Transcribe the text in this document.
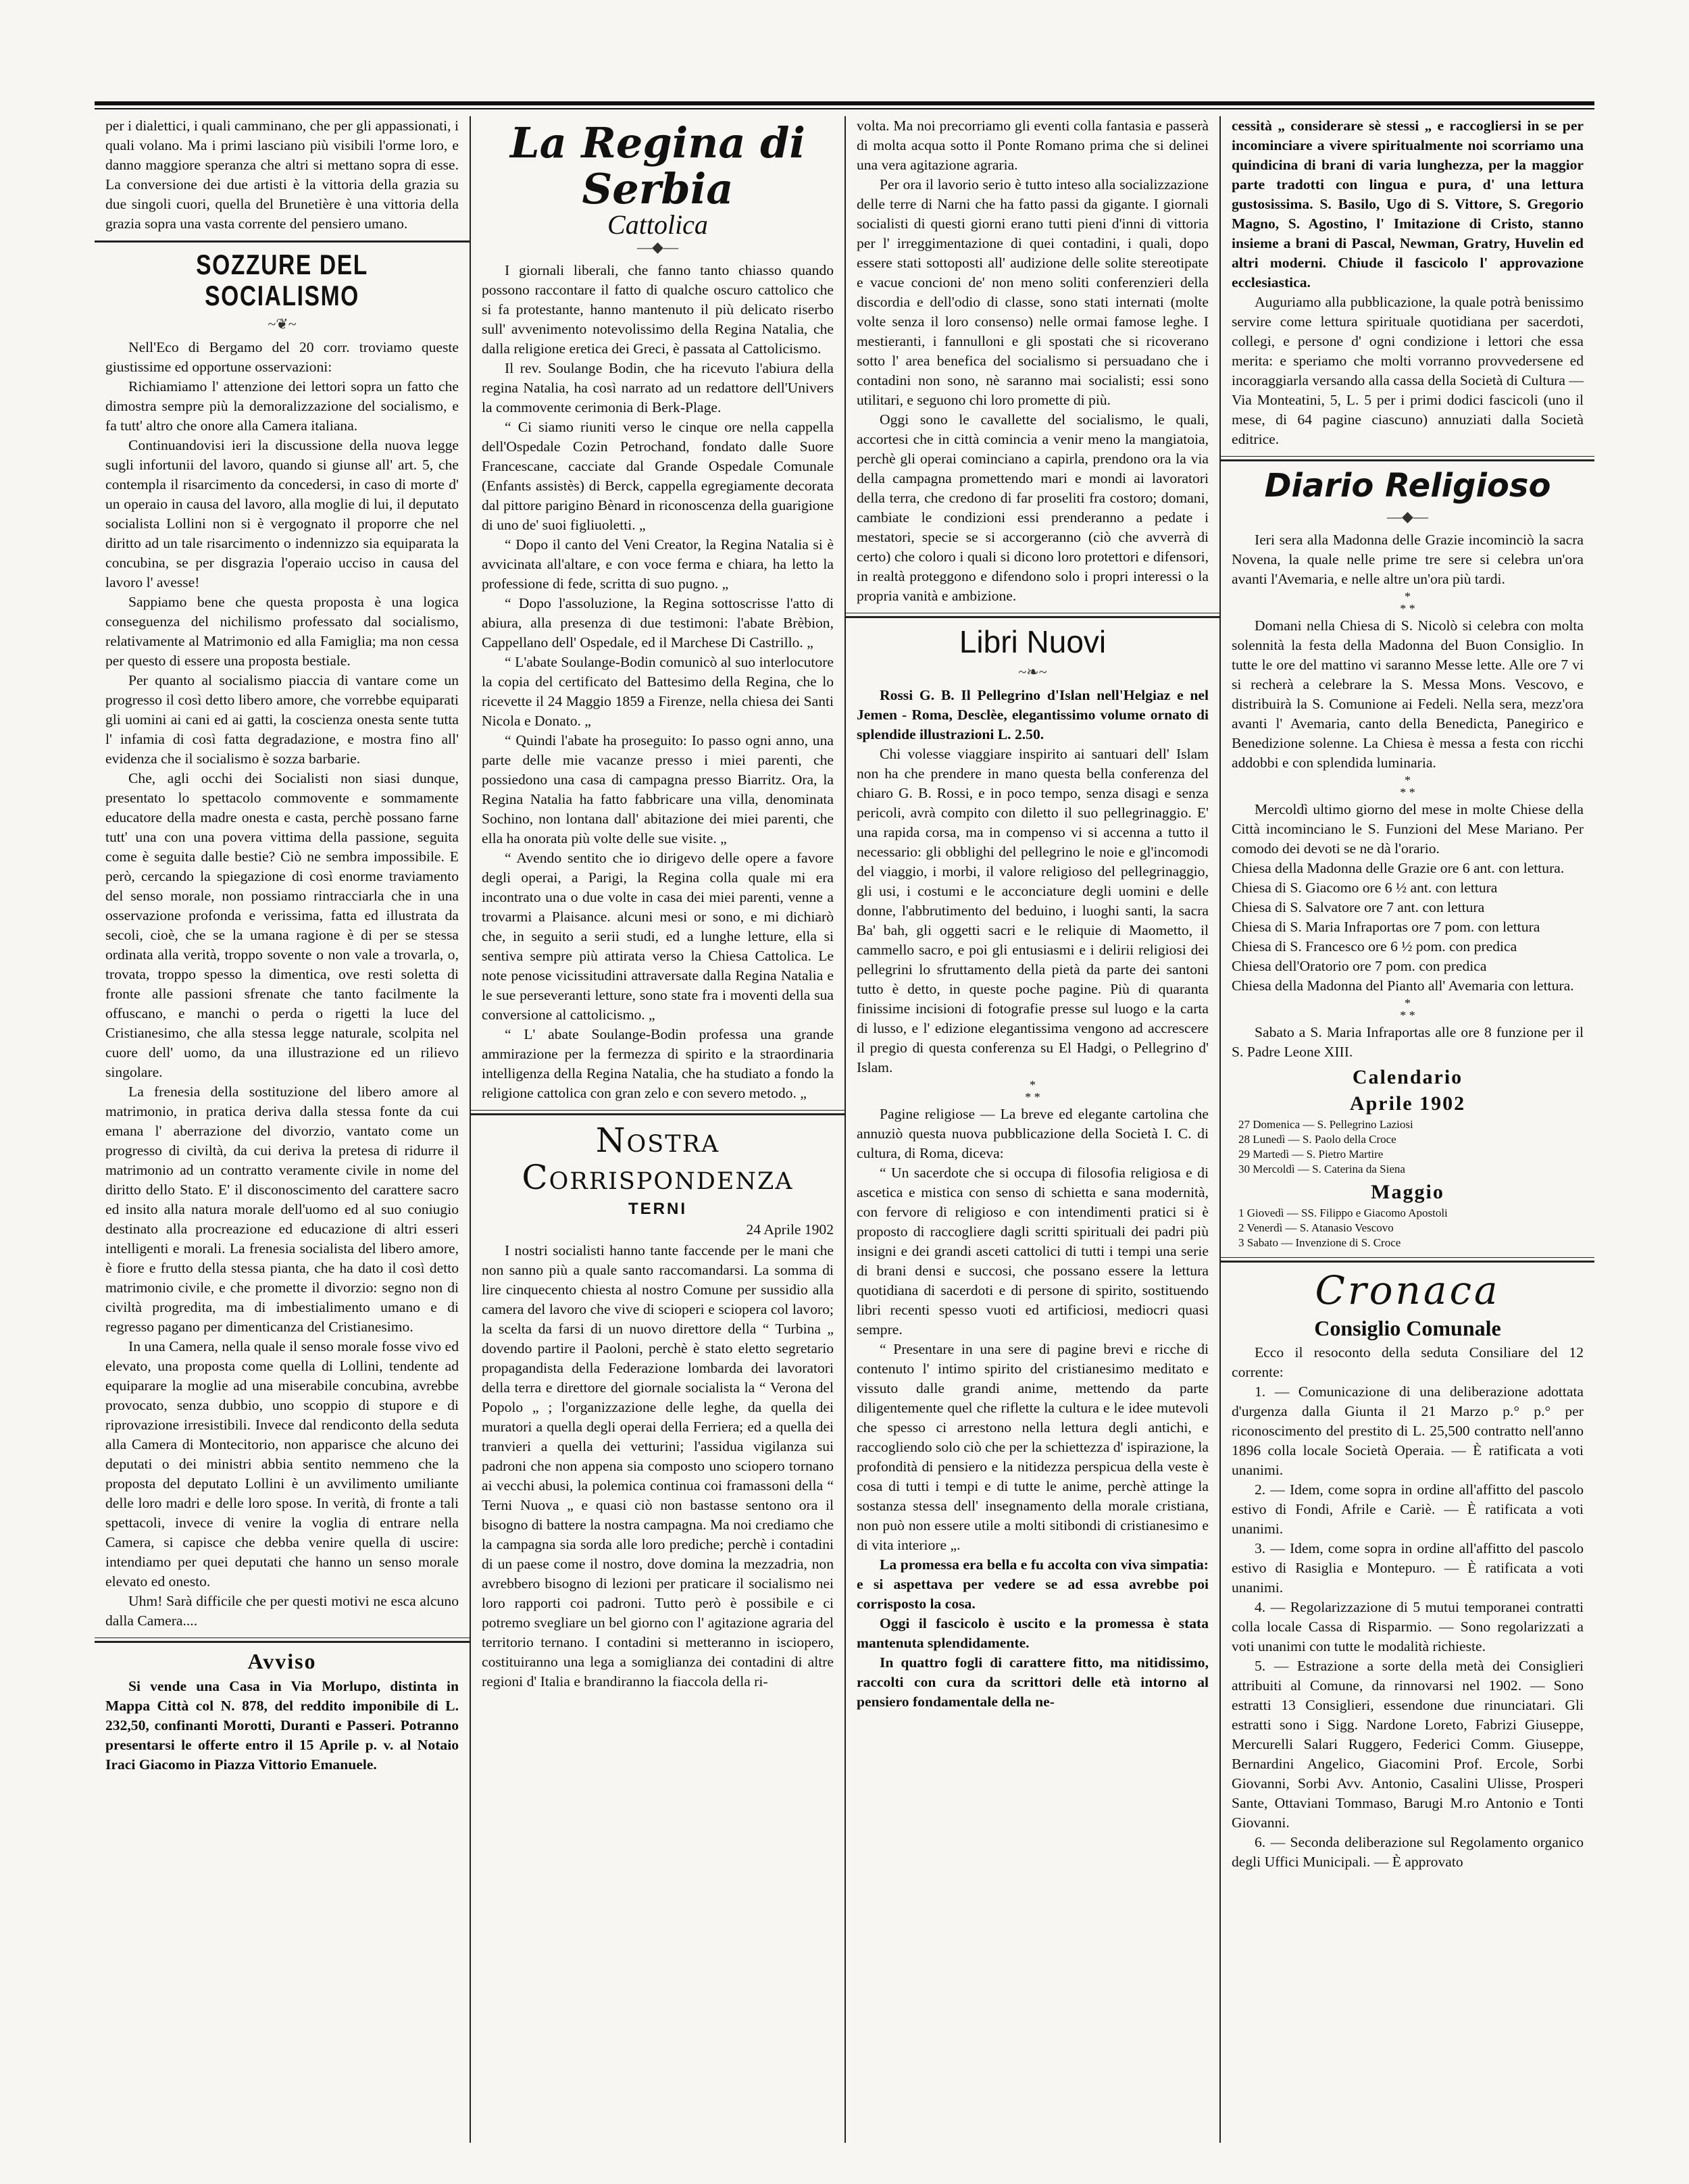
per i dialettici, i quali camminano, che per gli appassionati, i quali volano. Ma i primi lasciano più visibili l'orme loro, e danno maggiore speranza che altri si mettano sopra di esse. La conversione dei due artisti è la vittoria della grazia su due singoli cuori, quella del Brunetière è una vittoria della grazia sopra una vasta corrente del pensiero umano.

SOZZURE DEL SOCIALISMO
~❦~

Nell'Eco di Bergamo del 20 corr. troviamo queste giustissime ed opportune osservazioni:

Richiamiamo l' attenzione dei lettori sopra un fatto che dimostra sempre più la demoralizzazione del socialismo, e fa tutt' altro che onore alla Camera italiana.

Continuandovisi ieri la discussione della nuova legge sugli infortunii del lavoro, quando si giunse all' art. 5, che contempla il risarcimento da concedersi, in caso di morte d' un operaio in causa del lavoro, alla moglie di lui, il deputato socialista Lollini non si è vergognato il proporre che nel diritto ad un tale risarcimento o indennizzo sia equiparata la concubina, se per disgrazia l'operaio ucciso in causa del lavoro l' avesse!

Sappiamo bene che questa proposta è una logica conseguenza del nichilismo professato dal socialismo, relativamente al Matrimonio ed alla Famiglia; ma non cessa per questo di essere una proposta bestiale.

Per quanto al socialismo piaccia di vantare come un progresso il così detto libero amore, che vorrebbe equiparati gli uomini ai cani ed ai gatti, la coscienza onesta sente tutta l' infamia di così fatta degradazione, e mostra fino all' evidenza che il socialismo è sozza barbarie.

Che, agli occhi dei Socialisti non siasi dunque, presentato lo spettacolo commovente e sommamente educatore della madre onesta e casta, perchè possano farne tutt' una con una povera vittima della passione, seguita come è seguita dalle bestie? Ciò ne sembra impossibile. E però, cercando la spiegazione di così enorme traviamento del senso morale, non possiamo rintracciarla che in una osservazione profonda e verissima, fatta ed illustrata da secoli, cioè, che se la umana ragione è di per se stessa ordinata alla verità, troppo sovente o non vale a trovarla, o, trovata, troppo spesso la dimentica, ove resti soletta di fronte alle passioni sfrenate che tanto facilmente la offuscano, e manchi o perda o rigetti la luce del Cristianesimo, che alla stessa legge naturale, scolpita nel cuore dell' uomo, da una illustrazione ed un rilievo singolare.

La frenesia della sostituzione del libero amore al matrimonio, in pratica deriva dalla stessa fonte da cui emana l' aberrazione del divorzio, vantato come un progresso di civiltà, da cui deriva la pretesa di ridurre il matrimonio ad un contratto veramente civile in nome del diritto dello Stato. E' il disconoscimento del carattere sacro ed insito alla natura morale dell'uomo ed al suo coniugio destinato alla procreazione ed educazione di altri esseri intelligenti e morali. La frenesia socialista del libero amore, è fiore e frutto della stessa pianta, che ha dato il così detto matrimonio civile, e che promette il divorzio: segno non di civiltà progredita, ma di imbestialimento umano e di regresso pagano per dimenticanza del Cristianesimo.

In una Camera, nella quale il senso morale fosse vivo ed elevato, una proposta come quella di Lollini, tendente ad equiparare la moglie ad una miserabile concubina, avrebbe provocato, senza dubbio, uno scoppio di stupore e di riprovazione irresistibili. Invece dal rendiconto della seduta alla Camera di Montecitorio, non apparisce che alcuno dei deputati o dei ministri abbia sentito nemmeno che la proposta del deputato Lollini è un avvilimento umiliante delle loro madri e delle loro spose. In verità, di fronte a tali spettacoli, invece di venire la voglia di entrare nella Camera, si capisce che debba venire quella di uscire: intendiamo per quei deputati che hanno un senso morale elevato ed onesto.

Uhm! Sarà difficile che per questi motivi ne esca alcuno dalla Camera....

Avviso

Si vende una Casa in Via Morlupo, distinta in Mappa Città col N. 878, del reddito imponibile di L. 232,50, confinanti Morotti, Duranti e Passeri. Potranno presentarsi le offerte entro il 15 Aprile p. v. al Notaio Iraci Giacomo in Piazza Vittorio Emanuele.

La Regina di Serbia
Cattolica
—◆—

I giornali liberali, che fanno tanto chiasso quando possono raccontare il fatto di qualche oscuro cattolico che si fa protestante, hanno mantenuto il più delicato riserbo sull' avvenimento notevolissimo della Regina Natalia, che dalla religione eretica dei Greci, è passata al Cattolicismo.

Il rev. Soulange Bodin, che ha ricevuto l'abiura della regina Natalia, ha così narrato ad un redattore dell'Univers la commovente cerimonia di Berk-Plage.

“ Ci siamo riuniti verso le cinque ore nella cappella dell'Ospedale Cozin Petrochand, fondato dalle Suore Francescane, cacciate dal Grande Ospedale Comunale (Enfants assistès) di Berck, cappella egregiamente decorata dal pittore parigino Bènard in riconoscenza della guarigione di uno de' suoi figliuoletti. „

“ Dopo il canto del Veni Creator, la Regina Natalia si è avvicinata all'altare, e con voce ferma e chiara, ha letto la professione di fede, scritta di suo pugno. „

“ Dopo l'assoluzione, la Regina sottoscrisse l'atto di abiura, alla presenza di due testimoni: l'abate Brèbion, Cappellano dell' Ospedale, ed il Marchese Di Castrillo. „

“ L'abate Soulange-Bodin comunicò al suo interlocutore la copia del certificato del Battesimo della Regina, che lo ricevette il 24 Maggio 1859 a Firenze, nella chiesa dei Santi Nicola e Donato. „

“ Quindi l'abate ha proseguito: Io passo ogni anno, una parte delle mie vacanze presso i miei parenti, che possiedono una casa di campagna presso Biarritz. Ora, la Regina Natalia ha fatto fabbricare una villa, denominata Sochino, non lontana dall' abitazione dei miei parenti, che ella ha onorata più volte delle sue visite. „

“ Avendo sentito che io dirigevo delle opere a favore degli operai, a Parigi, la Regina colla quale mi era incontrato una o due volte in casa dei miei parenti, venne a trovarmi a Plaisance. alcuni mesi or sono, e mi dichiarò che, in seguito a serii studi, ed a lunghe letture, ella si sentiva sempre più attirata verso la Chiesa Cattolica. Le note penose vicissitudini attraversate dalla Regina Natalia e le sue perseveranti letture, sono state fra i moventi della sua conversione al cattolicismo. „

“ L' abate Soulange-Bodin professa una grande ammirazione per la fermezza di spirito e la straordinaria intelligenza della Regina Natalia, che ha studiato a fondo la religione cattolica con gran zelo e con severo metodo. „

Nostra Corrispondenza
TERNI
24 Aprile 1902

I nostri socialisti hanno tante faccende per le mani che non sanno più a quale santo raccomandarsi. La somma di lire cinquecento chiesta al nostro Comune per sussidio alla camera del lavoro che vive di scioperi e sciopera col lavoro; la scelta da farsi di un nuovo direttore della “ Turbina „ dovendo partire il Paoloni, perchè è stato eletto segretario propagandista della Federazione lombarda dei lavoratori della terra e direttore del giornale socialista la “ Verona del Popolo „ ; l'organizzazione delle leghe, da quella dei muratori a quella degli operai della Ferriera; ed a quella dei tranvieri a quella dei vetturini; l'assidua vigilanza sui padroni che non appena sia composto uno sciopero tornano ai vecchi abusi, la polemica continua coi framassoni della “ Terni Nuova „ e quasi ciò non bastasse sentono ora il bisogno di battere la nostra campagna. Ma noi crediamo che la campagna sia sorda alle loro prediche; perchè i contadini di un paese come il nostro, dove domina la mezzadria, non avrebbero bisogno di lezioni per praticare il socialismo nei loro rapporti coi padroni. Tutto però è possibile e ci potremo svegliare un bel giorno con l' agitazione agraria del territorio ternano. I contadini si metteranno in isciopero, costituiranno una lega a somiglianza dei contadini di altre regioni d' Italia e brandiranno la fiaccola della ri-

volta. Ma noi precorriamo gli eventi colla fantasia e passerà di molta acqua sotto il Ponte Romano prima che si delinei una vera agitazione agraria.

Per ora il lavorio serio è tutto inteso alla socializzazione delle terre di Narni che ha fatto passi da gigante. I giornali socialisti di questi giorni erano tutti pieni d'inni di vittoria per l' irreggimentazione di quei contadini, i quali, dopo essere stati sottoposti all' audizione delle solite stereotipate e vacue concioni de' non meno soliti conferenzieri della discordia e dell'odio di classe, sono stati internati (molte volte senza il loro consenso) nelle ormai famose leghe. I mestieranti, i fannulloni e gli spostati che si ricoverano sotto l' area benefica del socialismo si persuadano che i contadini non sono, nè saranno mai socialisti; essi sono utilitari, e seguono chi loro promette di più.

Oggi sono le cavallette del socialismo, le quali, accortesi che in città comincia a venir meno la mangiatoia, perchè gli operai cominciano a capirla, prendono ora la via della campagna promettendo mari e mondi ai lavoratori della terra, che credono di far proseliti fra costoro; domani, cambiate le condizioni essi prenderanno a pedate i mestatori, specie se si accorgeranno (ciò che avverrà di certo) che coloro i quali si dicono loro protettori e difensori, in realtà proteggono e difendono solo i propri interessi o la propria vanità e ambizione.

Libri Nuovi
~❧~

Rossi G. B. Il Pellegrino d'Islan nell'Helgiaz e nel Jemen - Roma, Desclèe, elegantissimo volume ornato di splendide illustrazioni L. 2.50.

Chi volesse viaggiare inspirito ai santuari dell' Islam non ha che prendere in mano questa bella conferenza del chiaro G. B. Rossi, e in poco tempo, senza disagi e senza pericoli, avrà compito con diletto il suo pellegrinaggio. E' una rapida corsa, ma in compenso vi si accenna a tutto il necessario: gli obblighi del pellegrino le noie e gl'incomodi del viaggio, i morbi, il valore religioso del pellegrinaggio, gli usi, i costumi e le acconciature degli uomini e delle donne, l'abbrutimento del beduino, i luoghi santi, la sacra Ba' bah, gli oggetti sacri e le reliquie di Maometto, il cammello sacro, e poi gli entusiasmi e i delirii religiosi dei pellegrini lo sfruttamento della pietà da parte dei santoni tutto è detto, in queste poche pagine. Più di quaranta finissime incisioni di fotografie presse sul luogo e la carta di lusso, e l' edizione elegantissima vengono ad accrescere il pregio di questa conferenza su El Hadgi, o Pellegrino d' Islam.

*
* *

Pagine religiose — La breve ed elegante cartolina che annuziò questa nuova pubblicazione della Società I. C. di cultura, di Roma, diceva:

“ Un sacerdote che si occupa di filosofia religiosa e di ascetica e mistica con senso di schietta e sana modernità, con fervore di religioso e con intendimenti pratici si è proposto di raccogliere dagli scritti spirituali dei padri più insigni e dei grandi asceti cattolici di tutti i tempi una serie di brani densi e succosi, che possano essere la lettura quotidiana di sacerdoti e di persone di spirito, sostituendo libri recenti spesso vuoti ed artificiosi, mediocri quasi sempre.

“ Presentare in una sere di pagine brevi e ricche di contenuto l' intimo spirito del cristianesimo meditato e vissuto dalle grandi anime, mettendo da parte diligentemente quel che riflette la cultura e le idee mutevoli che spesso ci arrestono nella lettura degli antichi, e raccogliendo solo ciò che per la schiettezza d' ispirazione, la profondità di pensiero e la nitidezza perspicua della veste è cosa di tutti i tempi e di tutte le anime, perchè attinge la sostanza stessa dell' insegnamento della morale cristiana, non può non essere utile a molti sitibondi di cristianesimo e di vita interiore „.

La promessa era bella e fu accolta con viva simpatia: e si aspettava per vedere se ad essa avrebbe poi corrisposto la cosa.

Oggi il fascicolo è uscito e la promessa è stata mantenuta splendidamente.

In quattro fogli di carattere fitto, ma nitidissimo, raccolti con cura da scrittori delle età intorno al pensiero fondamentale della ne-

cessità „ considerare sè stessi „ e raccogliersi in se per incominciare a vivere spiritualmente noi scorriamo una quindicina di brani di varia lunghezza, per la maggior parte tradotti con lingua e pura, d' una lettura gustosissima. S. Basilo, Ugo di S. Vittore, S. Gregorio Magno, S. Agostino, l' Imitazione di Cristo, stanno insieme a brani di Pascal, Newman, Gratry, Huvelin ed altri moderni. Chiude il fascicolo l' approvazione ecclesiastica.

Auguriamo alla pubblicazione, la quale potrà benissimo servire come lettura spirituale quotidiana per sacerdoti, collegi, e persone d' ogni condizione i lettori che essa merita: e speriamo che molti vorranno provvedersene ed incoraggiarla versando alla cassa della Società di Cultura — Via Monteatini, 5, L. 5 per i primi dodici fascicoli (uno il mese, di 64 pagine ciascuno) annuziati dalla Società editrice.

Diario Religioso
—◆—

Ieri sera alla Madonna delle Grazie incominciò la sacra Novena, la quale nelle prime tre sere si celebra un'ora avanti l'Avemaria, e nelle altre un'ora più tardi.

*
* *

Domani nella Chiesa di S. Nicolò si celebra con molta solennità la festa della Madonna del Buon Consiglio. In tutte le ore del mattino vi saranno Messe lette. Alle ore 7 vi si recherà a celebrare la S. Messa Mons. Vescovo, e distribuirà la S. Comunione ai Fedeli. Nella sera, mezz'ora avanti l' Avemaria, canto della Benedicta, Panegirico e Benedizione solenne. La Chiesa è messa a festa con ricchi addobbi e con splendida luminaria.

*
* *

Mercoldì ultimo giorno del mese in molte Chiese della Città incominciano le S. Funzioni del Mese Mariano. Per comodo dei devoti se ne dà l'orario.

Chiesa della Madonna delle Grazie ore 6 ant. con lettura.

Chiesa di S. Giacomo ore 6 ½ ant. con lettura

Chiesa di S. Salvatore ore 7 ant. con lettura

Chiesa di S. Maria Infraportas ore 7 pom. con lettura

Chiesa di S. Francesco ore 6 ½ pom. con predica

Chiesa dell'Oratorio ore 7 pom. con predica

Chiesa della Madonna del Pianto all' Avemaria con lettura.

*
* *

Sabato a S. Maria Infraportas alle ore 8 funzione per il S. Padre Leone XIII.

Calendario
Aprile 1902
27 Domenica — S. Pellegrino Laziosi
28 Lunedì — S. Paolo della Croce
29 Martedì — S. Pietro Martire
30 Mercoldì — S. Caterina da Siena
Maggio
1 Giovedì — SS. Filippo e Giacomo Apostoli
2 Venerdì — S. Atanasio Vescovo
3 Sabato — Invenzione di S. Croce
Cronaca
Consiglio Comunale

Ecco il resoconto della seduta Consiliare del 12 corrente:

1. — Comunicazione di una deliberazione adottata d'urgenza dalla Giunta il 21 Marzo p.° p.° per riconoscimento del prestito di L. 25,500 contratto nell'anno 1896 colla locale Società Operaia. — È ratificata a voti unanimi.

2. — Idem, come sopra in ordine all'affitto del pascolo estivo di Fondi, Afrile e Cariè. — È ratificata a voti unanimi.

3. — Idem, come sopra in ordine all'affitto del pascolo estivo di Rasiglia e Montepuro. — È ratificata a voti unanimi.

4. — Regolarizzazione di 5 mutui temporanei contratti colla locale Cassa di Risparmio. — Sono regolarizzati a voti unanimi con tutte le modalità richieste.

5. — Estrazione a sorte della metà dei Consiglieri attribuiti al Comune, da rinnovarsi nel 1902. — Sono estratti 13 Consiglieri, essendone due rinunciatari. Gli estratti sono i Sigg. Nardone Loreto, Fabrizi Giuseppe, Mercurelli Salari Ruggero, Federici Comm. Giuseppe, Bernardini Angelico, Giacomini Prof. Ercole, Sorbi Giovanni, Sorbi Avv. Antonio, Casalini Ulisse, Prosperi Sante, Ottaviani Tommaso, Barugi M.ro Antonio e Tonti Giovanni.

6. — Seconda deliberazione sul Regolamento organico degli Uffici Municipali. — È approvato
